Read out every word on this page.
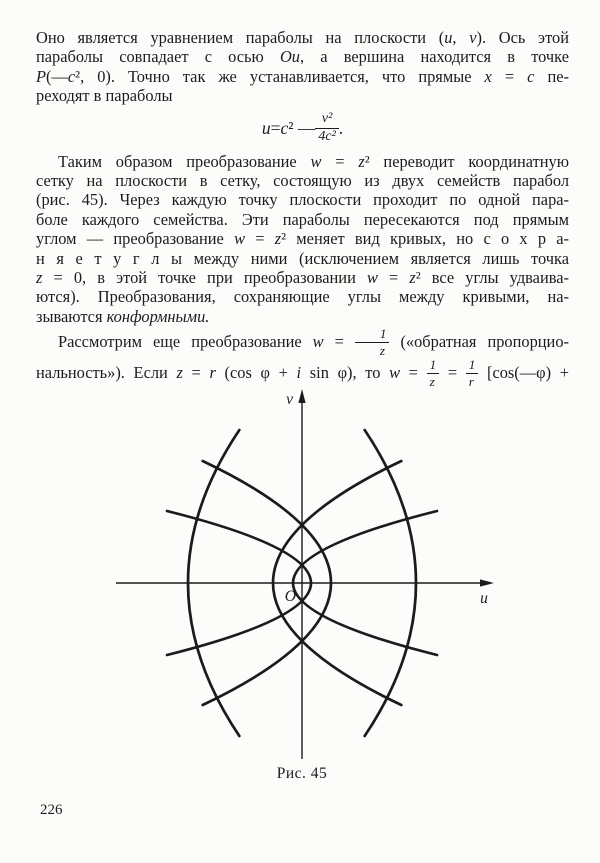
Оно является уравнением параболы на плоскости (u, v). Ось этой
параболы совпадает с осью Ou, а вершина находится в точке
P(—c², 0). Точно так же устанавливается, что прямые x = c пе-
реходят в параболы
u = c ² — $\frac{\text{v²}}{\text{4c²}}$ .
Таким образом преобразование w = z² переводит координатную
сетку на плоскости в сетку, состоящую из двух семейств парабол
(рис. 45). Через каждую точку плоскости проходит по одной пара-
боле каждого семейства. Эти параболы пересекаются под прямым
углом — преобразование w = z² меняет вид кривых, но с о х р а-
н я е т у г л ы между ними (исключением является лишь точка
z = 0, в этой точке при преобразовании w = z² все углы удваива-
ются). Преобразования, сохраняющие углы между кривыми, на-
зываются конформными.
Рассмотрим еще преобразование $w = \frac{1}{z}$ («обратная пропорцио-
нальность»). Если z = r (cos φ + i sin φ), то $w = \frac{1}{z} = \frac{1}{r}$ [cos(—φ) +
v
u
O
Рис. 45
226
